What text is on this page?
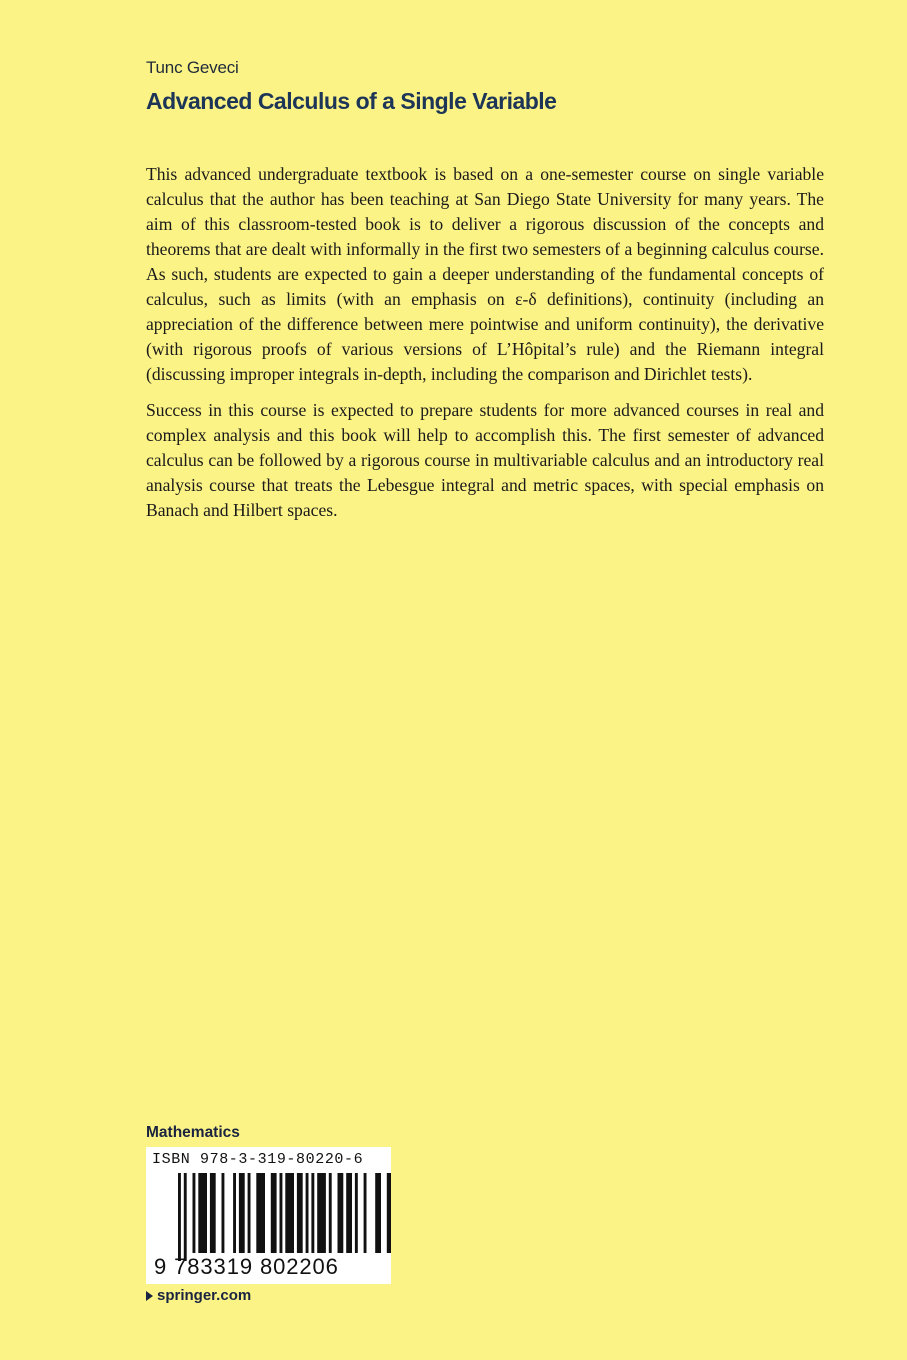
Tunc Geveci
Advanced Calculus of a Single Variable

This advanced undergraduate textbook is based on a one-semester course on single variable calculus that the author has been teaching at San Diego State University for many years. The aim of this classroom-tested book is to deliver a rigorous discussion of the concepts and theorems that are dealt with informally in the first two semesters of a beginning calculus course. As such, students are expected to gain a deeper understanding of the fundamental concepts of calculus, such as limits (with an emphasis on ε-δ definitions), continuity (including an appreciation of the difference between mere pointwise and uniform continuity), the derivative (with rigorous proofs of various versions of L’Hôpital’s rule) and the Riemann integral (discussing improper integrals in-depth, including the comparison and Dirichlet tests).

Success in this course is expected to prepare students for more advanced courses in real and complex analysis and this book will help to accomplish this. The first semester of advanced calculus can be followed by a rigorous course in multivariable calculus and an introductory real analysis course that treats the Lebesgue integral and metric spaces, with special emphasis on Banach and Hilbert spaces.

Mathematics
ISBN 978-3-319-80220-6
9 783319 802206
springer.com
